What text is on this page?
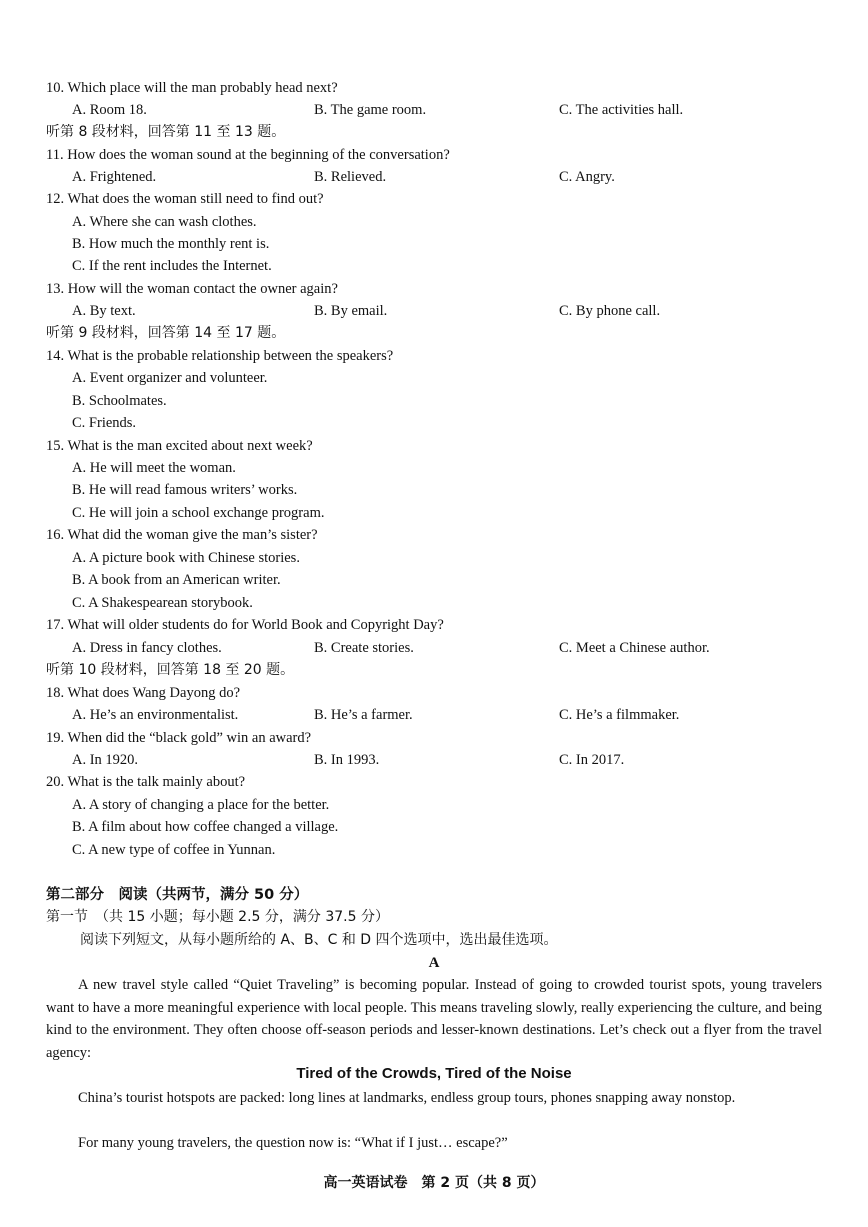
10. Which place will the man probably head next?
A. Room 18.	B. The game room.	C. The activities hall.
听第 8 段材料，回答第 11 至 13 题。
11. How does the woman sound at the beginning of the conversation?
A. Frightened.	B. Relieved.	C. Angry.
12. What does the woman still need to find out?
A. Where she can wash clothes.
B. How much the monthly rent is.
C. If the rent includes the Internet.
13. How will the woman contact the owner again?
A. By text.	B. By email.	C. By phone call.
听第 9 段材料，回答第 14 至 17 题。
14. What is the probable relationship between the speakers?
A. Event organizer and volunteer.
B. Schoolmates.
C. Friends.
15. What is the man excited about next week?
A. He will meet the woman.
B. He will read famous writers’ works.
C. He will join a school exchange program.
16. What did the woman give the man’s sister?
A. A picture book with Chinese stories.
B. A book from an American writer.
C. A Shakespearean storybook.
17. What will older students do for World Book and Copyright Day?
A. Dress in fancy clothes.	B. Create stories.	C. Meet a Chinese author.
听第 10 段材料，回答第 18 至 20 题。
18. What does Wang Dayong do?
A. He’s an environmentalist.	B. He’s a farmer.	C. He’s a filmmaker.
19. When did the “black gold” win an award?
A. In 1920.	B. In 1993.	C. In 2017.
20. What is the talk mainly about?
A. A story of changing a place for the better.
B. A film about how coffee changed a village.
C. A new type of coffee in Yunnan.
第二部分　阅读（共两节，满分 50 分）
第一节　（共 15 小题；每小题 2.5 分，满分 37.5 分）
阅读下列短文，从每小题所给的 A、B、C 和 D 四个选项中，选出最佳选项。
A
A new travel style called “Quiet Traveling” is becoming popular. Instead of going to crowded tourist spots, young travelers want to have a more meaningful experience with local people. This means traveling slowly, really experiencing the culture, and being kind to the environment. They often choose off-season periods and lesser-known destinations. Let’s check out a flyer from the travel agency:
Tired of the Crowds, Tired of the Noise
China’s tourist hotspots are packed: long lines at landmarks, endless group tours, phones snapping away nonstop.
For many young travelers, the question now is: “What if I just… escape?”
高一英语试卷　第 2 页（共 8 页）
